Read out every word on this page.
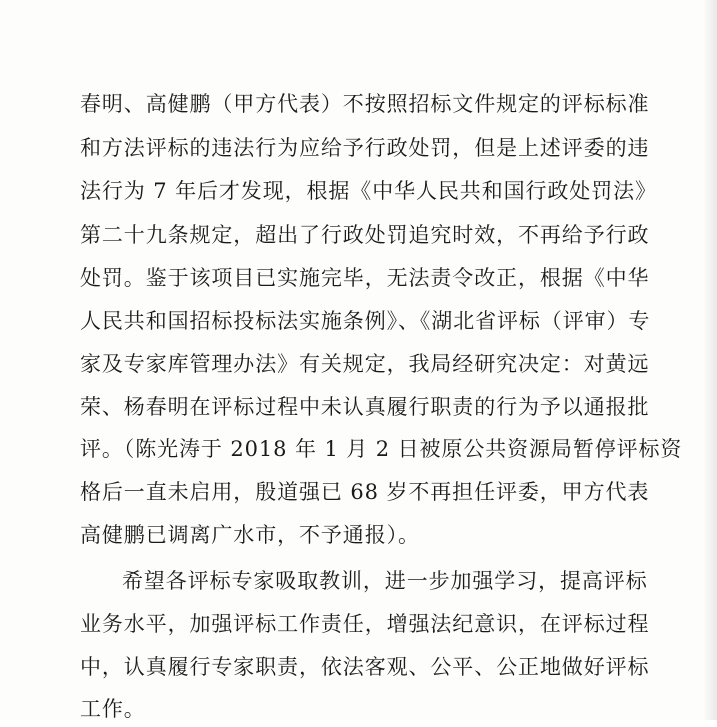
春明、高健鹏（甲方代表）不按照招标文件规定的评标标准
和方法评标的违法行为应给予行政处罚，但是上述评委的违
法行为 7 年后才发现，根据《中华人民共和国行政处罚法》
第二十九条规定，超出了行政处罚追究时效，不再给予行政
处罚。鉴于该项目已实施完毕，无法责令改正，根据《中华
人民共和国招标投标法实施条例》、《湖北省评标（评审）专
家及专家库管理办法》有关规定，我局经研究决定：对黄远
荣、杨春明在评标过程中未认真履行职责的行为予以通报批
评。（陈光涛于 2018 年 1 月 2 日被原公共资源局暂停评标资
格后一直未启用，殷道强已 68 岁不再担任评委，甲方代表
高健鹏已调离广水市，不予通报）。
希望各评标专家吸取教训，进一步加强学习，提高评标
业务水平，加强评标工作责任，增强法纪意识，在评标过程
中，认真履行专家职责，依法客观、公平、公正地做好评标
工作。
